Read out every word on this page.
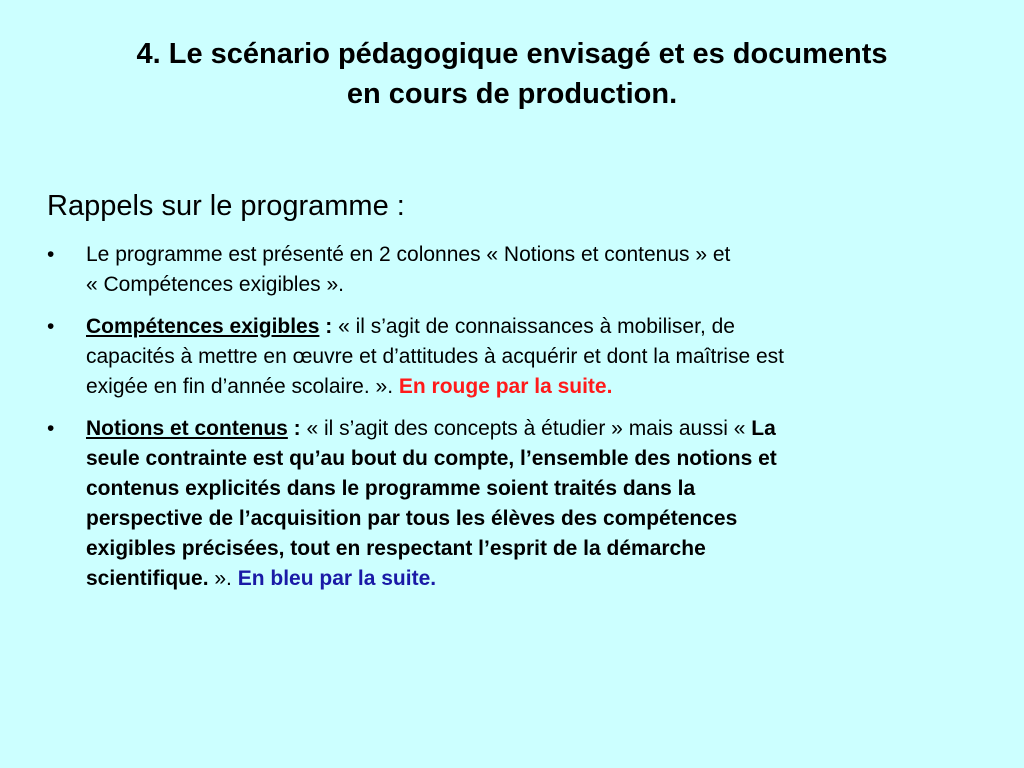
4. Le scénario pédagogique envisagé et es documents
en cours de production.
Rappels sur le programme :
•	Le programme est présenté en 2 colonnes « Notions et contenus » et
« Compétences exigibles ».
•	Compétences exigibles : « il s’agit de connaissances à mobiliser, de
capacités à mettre en œuvre et d’attitudes à acquérir et dont la maîtrise est
exigée en fin d’année scolaire. ». En rouge par la suite.
•	Notions et contenus : « il s’agit des concepts à étudier » mais aussi « La
seule contrainte est qu’au bout du compte, l’ensemble des notions et
contenus explicités dans le programme soient traités dans la
perspective de l’acquisition par tous les élèves des compétences
exigibles précisées, tout en respectant l’esprit de la démarche
scientifique. ». En bleu par la suite.
